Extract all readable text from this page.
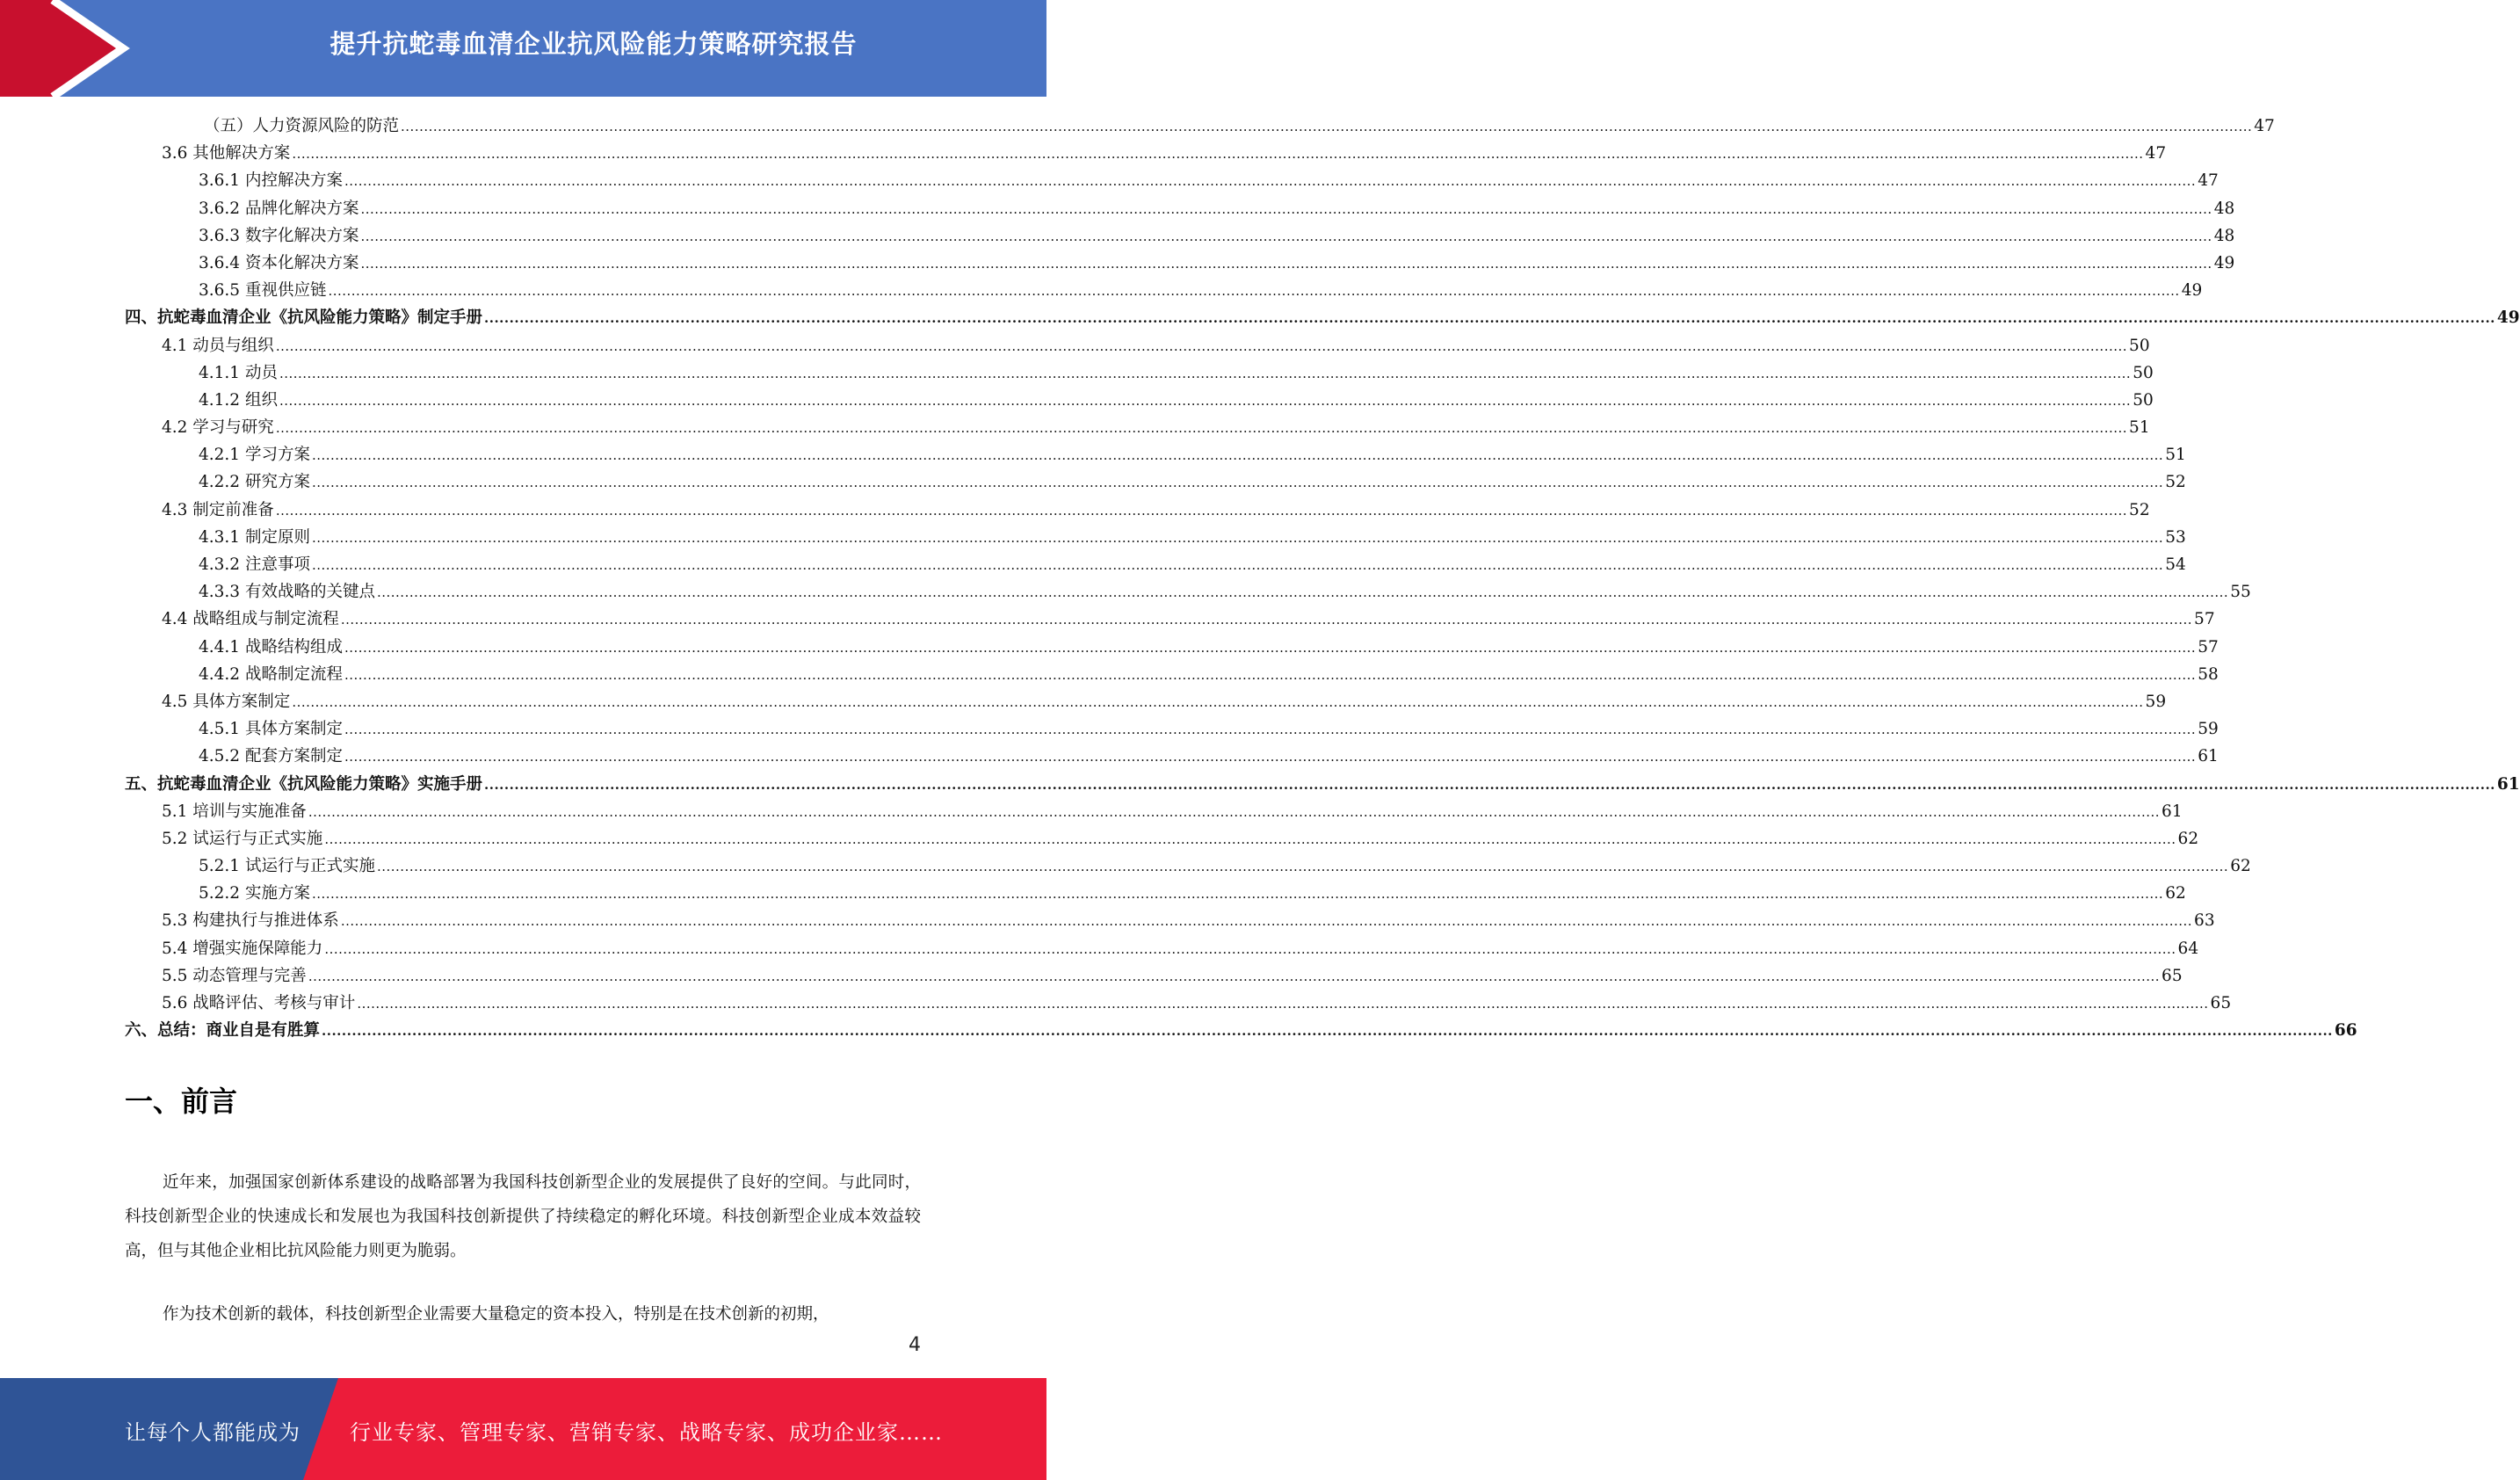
提升抗蛇毒血清企业抗风险能力策略研究报告
（五）人力资源风险的防范 ................................................................................................................................................................................................................................................................................................................................................................................................................ 47
3.6 其他解决方案 ................................................................................................................................................................................................................................................................................................................................................................................................................ 47
3.6.1 内控解决方案 ................................................................................................................................................................................................................................................................................................................................................................................................................ 47
3.6.2 品牌化解决方案 ................................................................................................................................................................................................................................................................................................................................................................................................................ 48
3.6.3 数字化解决方案 ................................................................................................................................................................................................................................................................................................................................................................................................................ 48
3.6.4 资本化解决方案 ................................................................................................................................................................................................................................................................................................................................................................................................................ 49
3.6.5 重视供应链 ................................................................................................................................................................................................................................................................................................................................................................................................................ 49
四、抗蛇毒血清企业《抗风险能力策略》制定手册 ................................................................................................................................................................................................................................................................................................................................................................................................................ 49
4.1 动员与组织 ................................................................................................................................................................................................................................................................................................................................................................................................................ 50
4.1.1 动员 ................................................................................................................................................................................................................................................................................................................................................................................................................ 50
4.1.2 组织 ................................................................................................................................................................................................................................................................................................................................................................................................................ 50
4.2 学习与研究 ................................................................................................................................................................................................................................................................................................................................................................................................................ 51
4.2.1 学习方案 ................................................................................................................................................................................................................................................................................................................................................................................................................ 51
4.2.2 研究方案 ................................................................................................................................................................................................................................................................................................................................................................................................................ 52
4.3 制定前准备 ................................................................................................................................................................................................................................................................................................................................................................................................................ 52
4.3.1 制定原则 ................................................................................................................................................................................................................................................................................................................................................................................................................ 53
4.3.2 注意事项 ................................................................................................................................................................................................................................................................................................................................................................................................................ 54
4.3.3 有效战略的关键点 ................................................................................................................................................................................................................................................................................................................................................................................................................ 55
4.4 战略组成与制定流程 ................................................................................................................................................................................................................................................................................................................................................................................................................ 57
4.4.1 战略结构组成 ................................................................................................................................................................................................................................................................................................................................................................................................................ 57
4.4.2 战略制定流程 ................................................................................................................................................................................................................................................................................................................................................................................................................ 58
4.5 具体方案制定 ................................................................................................................................................................................................................................................................................................................................................................................................................ 59
4.5.1 具体方案制定 ................................................................................................................................................................................................................................................................................................................................................................................................................ 59
4.5.2 配套方案制定 ................................................................................................................................................................................................................................................................................................................................................................................................................ 61
五、抗蛇毒血清企业《抗风险能力策略》实施手册 ................................................................................................................................................................................................................................................................................................................................................................................................................ 61
5.1 培训与实施准备 ................................................................................................................................................................................................................................................................................................................................................................................................................ 61
5.2 试运行与正式实施 ................................................................................................................................................................................................................................................................................................................................................................................................................ 62
5.2.1 试运行与正式实施 ................................................................................................................................................................................................................................................................................................................................................................................................................ 62
5.2.2 实施方案 ................................................................................................................................................................................................................................................................................................................................................................................................................ 62
5.3 构建执行与推进体系 ................................................................................................................................................................................................................................................................................................................................................................................................................ 63
5.4 增强实施保障能力 ................................................................................................................................................................................................................................................................................................................................................................................................................ 64
5.5 动态管理与完善 ................................................................................................................................................................................................................................................................................................................................................................................................................ 65
5.6 战略评估、考核与审计 ................................................................................................................................................................................................................................................................................................................................................................................................................ 65
六、总结：商业自是有胜算 ................................................................................................................................................................................................................................................................................................................................................................................................................ 66
一、前言
近年来，加强国家创新体系建设的战略部署为我国科技创新型企业的发展提供了良好的空间。与此同时，科技创新型企业的快速成长和发展也为我国科技创新提供了持续稳定的孵化环境。科技创新型企业成本效益较高，但与其他企业相比抗风险能力则更为脆弱。
作为技术创新的载体，科技创新型企业需要大量稳定的资本投入，特别是在技术创新的初期，
4
让每个人都能成为 行业专家、管理专家、营销专家、战略专家、成功企业家……
